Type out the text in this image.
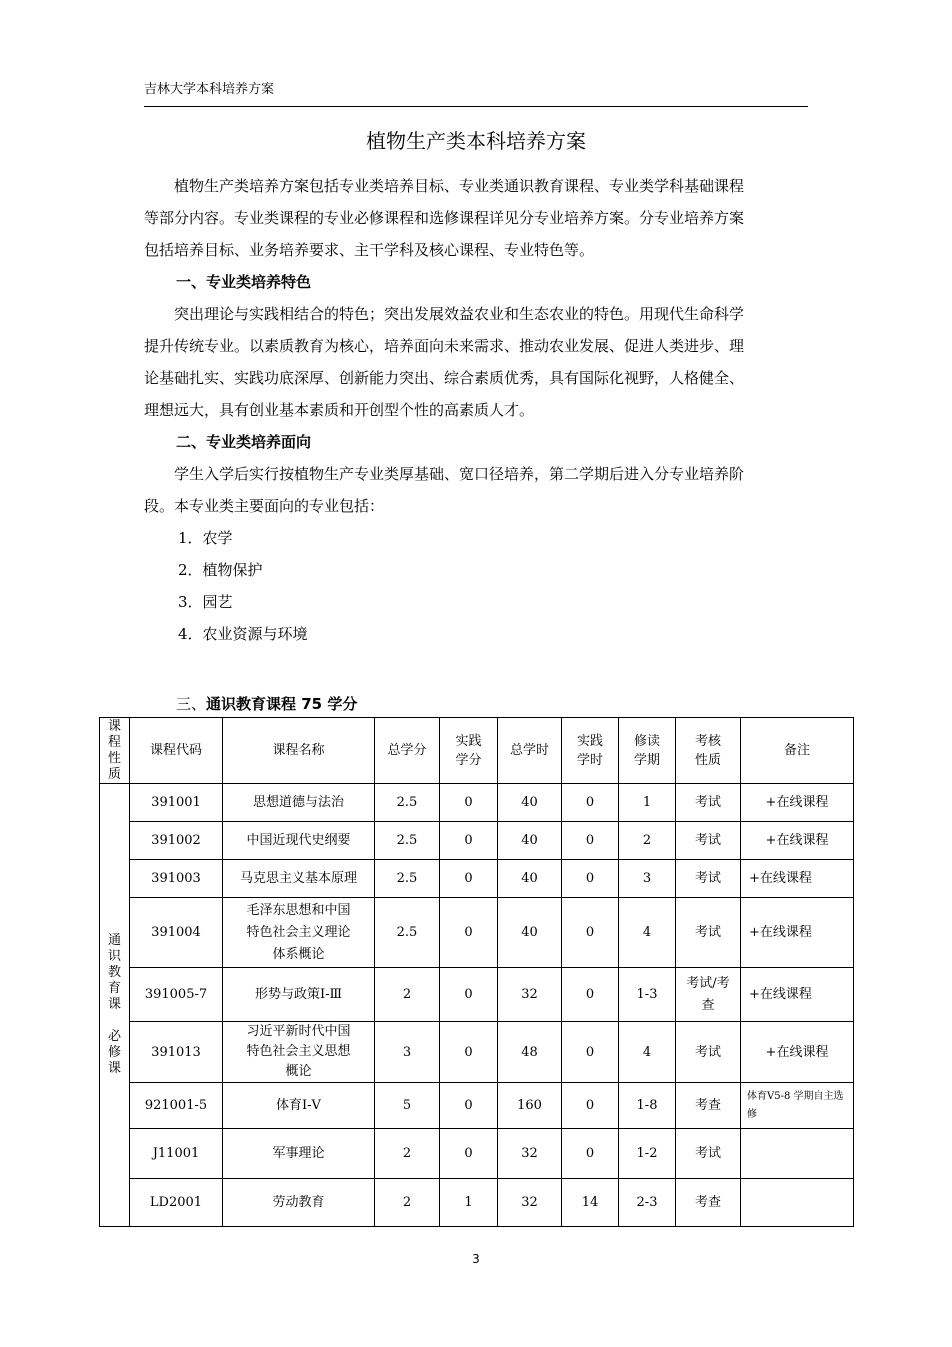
吉林大学本科培养方案
植物生产类本科培养方案
植物生产类培养方案包括专业类培养目标、专业类通识教育课程、专业类学科基础课程
等部分内容。专业类课程的专业必修课程和选修课程详见分专业培养方案。分专业培养方案
包括培养目标、业务培养要求、主干学科及核心课程、专业特色等。
一、专业类培养特色
突出理论与实践相结合的特色；突出发展效益农业和生态农业的特色。用现代生命科学
提升传统专业。以素质教育为核心，培养面向未来需求、推动农业发展、促进人类进步、理
论基础扎实、实践功底深厚、创新能力突出、综合素质优秀，具有国际化视野，人格健全、
理想远大，具有创业基本素质和开创型个性的高素质人才。
二、专业类培养面向
学生入学后实行按植物生产专业类厚基础、宽口径培养，第二学期后进入分专业培养阶
段。本专业类主要面向的专业包括：
1．农学
2．植物保护
3．园艺
4．农业资源与环境
三、通识教育课程 75 学分
课程性质	课程代码	课程名称	总学分	实践学分	总学时	实践学时	修读学期	考核性质	备注

通识教育课
必修课	391001	思想道德与法治	2.5	0	40	0	1	考试	+在线课程
	391002	中国近现代史纲要	2.5	0	40	0	2	考试	+在线课程
	391003	马克思主义基本原理	2.5	0	40	0	3	考试	+在线课程
	391004	毛泽东思想和中国特色社会主义理论体系概论	2.5	0	40	0	4	考试	+在线课程
	391005-7	形势与政策Ⅰ-Ⅲ	2	0	32	0	1-3	考试/考查	+在线课程
	391013	习近平新时代中国特色社会主义思想概论	3	0	48	0	4	考试	+在线课程
	921001-5	体育Ⅰ-Ⅴ	5	0	160	0	1-8	考查	体育Ⅴ5-8 学期自主选修
	J11001	军事理论	2	0	32	0	1-2	考试	
	LD2001	劳动教育	2	1	32	14	2-3	考查	
3
